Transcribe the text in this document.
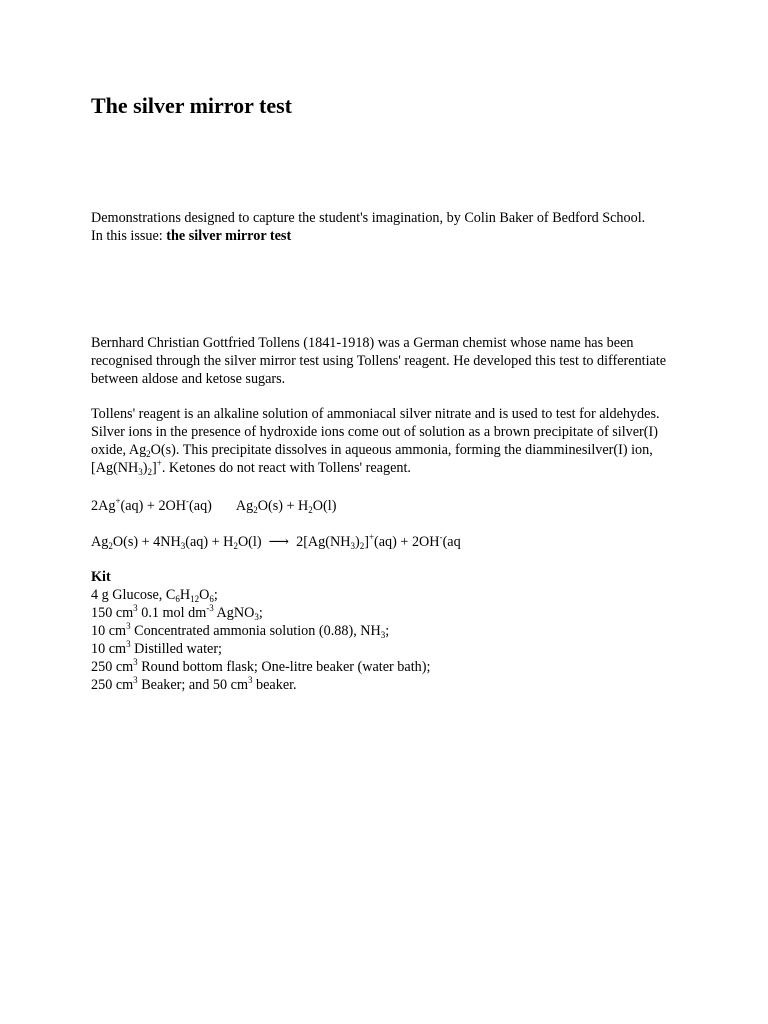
The silver mirror test

Demonstrations designed to capture the student's imagination, by Colin Baker of Bedford School.

In this issue: the silver mirror test

Bernhard Christian Gottfried Tollens (1841-1918) was a German chemist whose name has been recognised through the silver mirror test using Tollens' reagent. He developed this test to differentiate between aldose and ketose sugars.

Tollens' reagent is an alkaline solution of ammoniacal silver nitrate and is used to test for aldehydes. Silver ions in the presence of hydroxide ions come out of solution as a brown precipitate of silver(I) oxide, $Ag_2O(s)$. This precipitate dissolves in aqueous ammonia, forming the diamminesilver(I) ion, $[Ag(NH_3)_2]^+$. Ketones do not react with Tollens' reagent.

2Ag+(aq) + 2OH-(aq) $Ag_2O(s) + H_2O(l)$

$Ag_2O(s) + 4NH_3(aq) + H_2O(l)$  ⟶  $2[Ag(NH_3)_2]^+(aq) + 2OH^-(aq$

Kit
4 g Glucose, $C_6H_{12}O_6$;
150 $cm^3$ 0.1 mol $dm^{-3}$ AgNO$_3$;
10 $cm^3$ Concentrated ammonia solution (0.88), $NH_3$;
10 $cm^3$ Distilled water;
250 $cm^3$ Round bottom flask; One-litre beaker (water bath);
250 $cm^3$ Beaker; and 50 $cm^3$ beaker.
